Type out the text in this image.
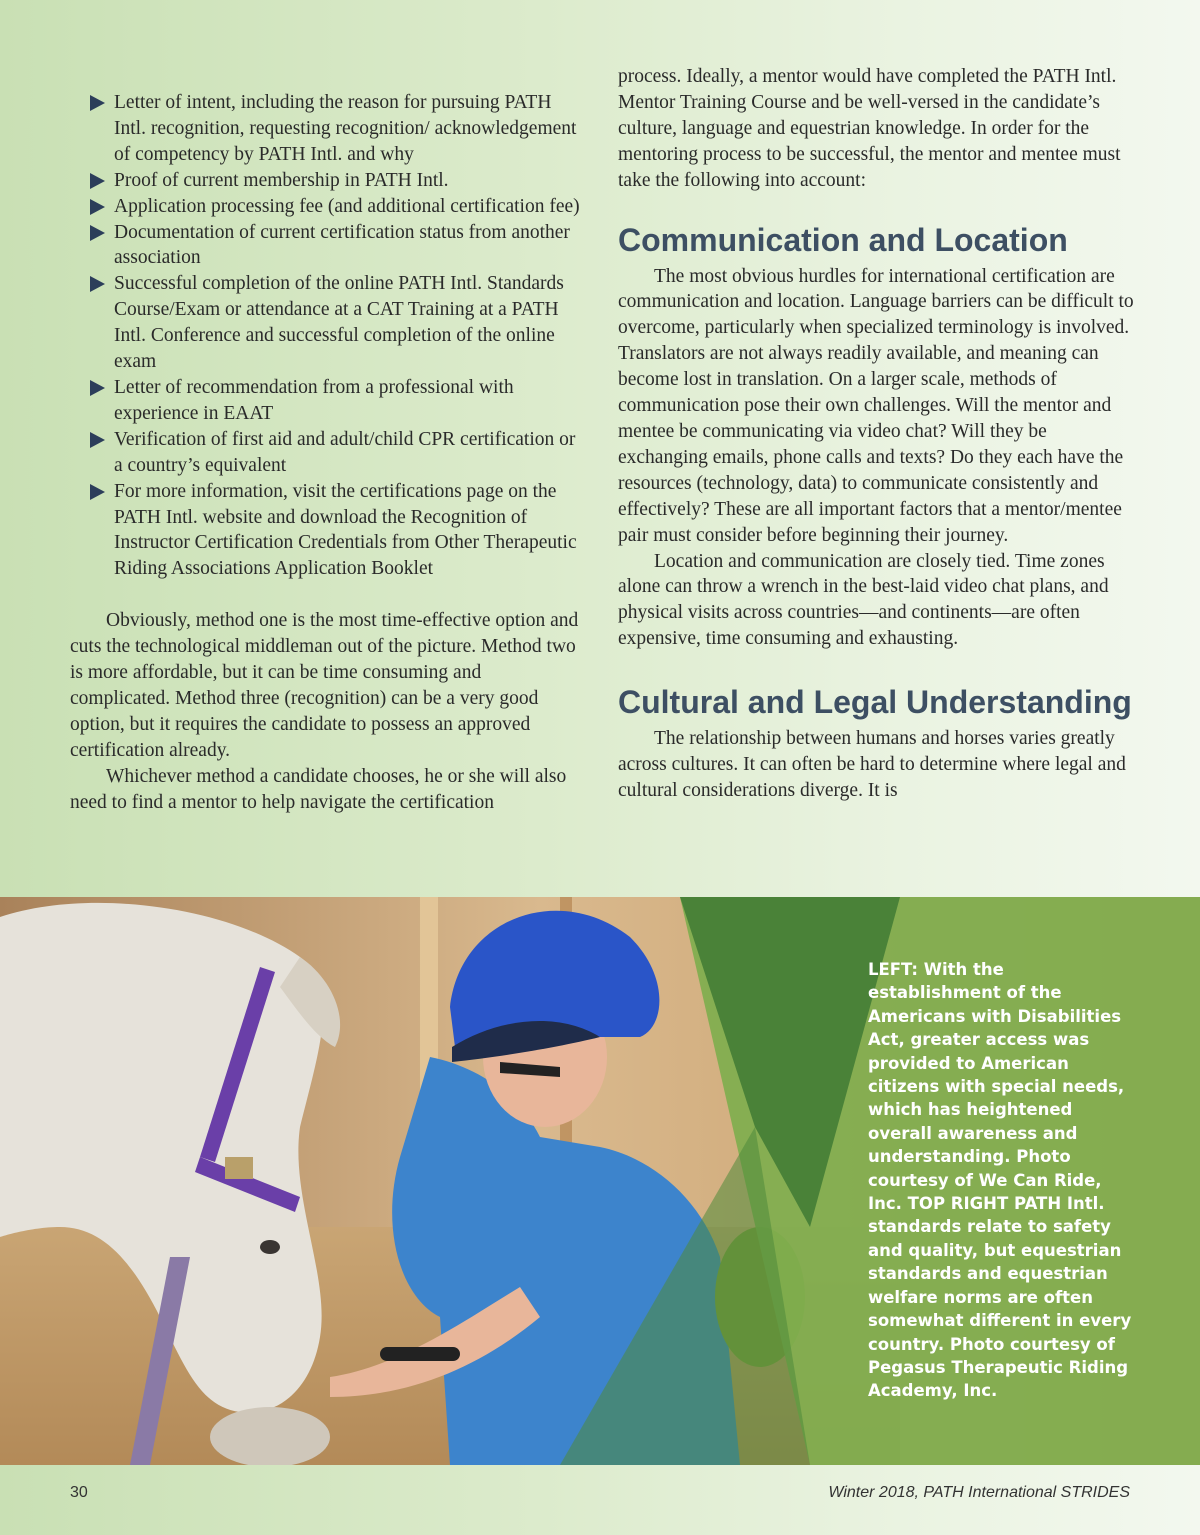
Letter of intent, including the reason for pursuing PATH Intl. recognition, requesting recognition/ acknowledgement of competency by PATH Intl. and why
Proof of current membership in PATH Intl.
Application processing fee (and additional certification fee)
Documentation of current certification status from another association
Successful completion of the online PATH Intl. Standards Course/Exam or attendance at a CAT Training at a PATH Intl. Conference and successful completion of the online exam
Letter of recommendation from a professional with experience in EAAT
Verification of first aid and adult/child CPR certification or a country’s equivalent
For more information, visit the certifications page on the PATH Intl. website and download the Recognition of Instructor Certification Credentials from Other Therapeutic Riding Associations Application Booklet

Obviously, method one is the most time-effective option and cuts the technological middleman out of the picture. Method two is more affordable, but it can be time consuming and complicated. Method three (recognition) can be a very good option, but it requires the candidate to possess an approved certification already.

Whichever method a candidate chooses, he or she will also need to find a mentor to help navigate the certification

process. Ideally, a mentor would have completed the PATH Intl. Mentor Training Course and be well-versed in the candidate’s culture, language and equestrian knowledge. In order for the mentoring process to be successful, the mentor and mentee must take the following into account:

Communication and Location

The most obvious hurdles for international certification are communication and location. Language barriers can be difficult to overcome, particularly when specialized terminology is involved. Translators are not always readily available, and meaning can become lost in translation. On a larger scale, methods of communication pose their own challenges. Will the mentor and mentee be communicating via video chat? Will they be exchanging emails, phone calls and texts? Do they each have the resources (technology, data) to communicate consistently and effectively? These are all important factors that a mentor/mentee pair must consider before beginning their journey.

Location and communication are closely tied. Time zones alone can throw a wrench in the best-laid video chat plans, and physical visits across countries—and continents—are often expensive, time consuming and exhausting.

Cultural and Legal Understanding

The relationship between humans and horses varies greatly across cultures. It can often be hard to determine where legal and cultural considerations diverge. It is

LEFT: With the establishment of the Americans with Disabilities Act, greater access was provided to American citizens with special needs, which has heightened overall awareness and understanding. Photo courtesy of We Can Ride, Inc. TOP RIGHT PATH Intl. standards relate to safety and quality, but equestrian standards and equestrian welfare norms are often somewhat different in every country. Photo courtesy of Pegasus Therapeutic Riding Academy, Inc.
30	Winter 2018, PATH International STRIDES
